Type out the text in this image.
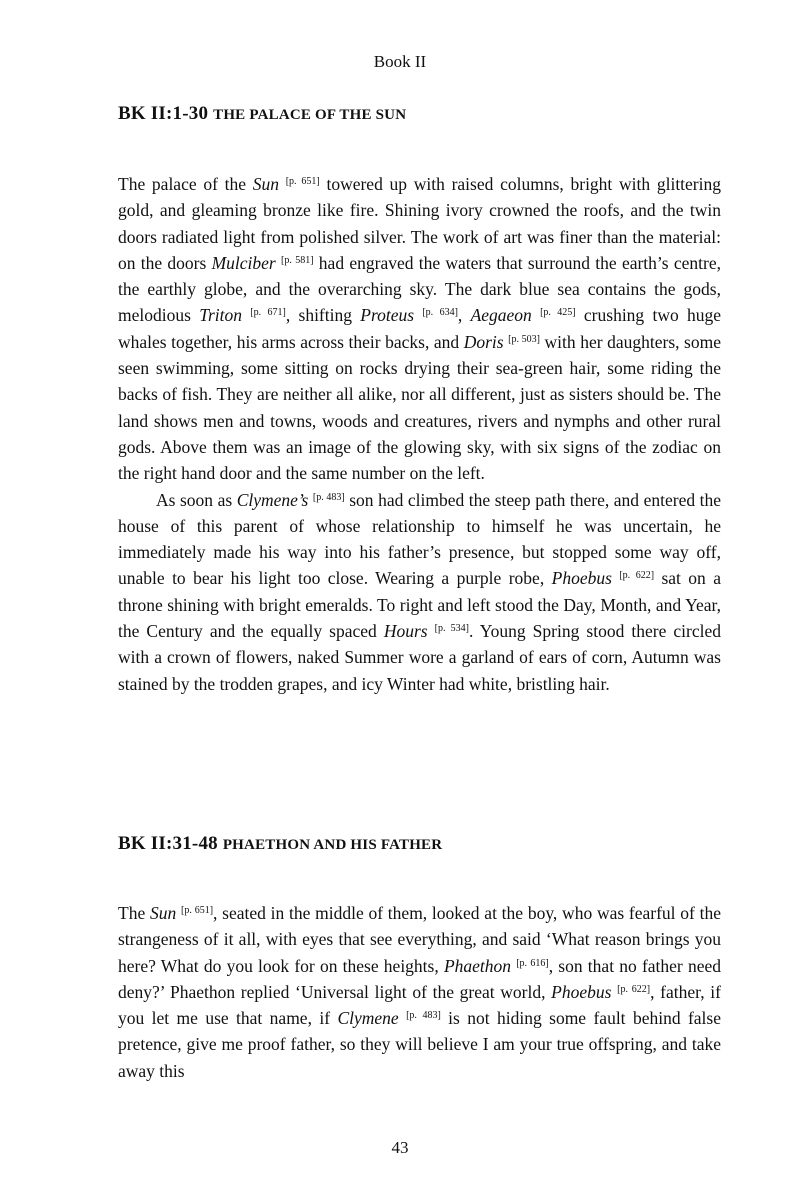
Book II
BK II:1-30 THE PALACE OF THE SUN

The palace of the Sun [p. 651] towered up with raised columns, bright with glittering gold, and gleaming bronze like fire. Shining ivory crowned the roofs, and the twin doors radiated light from polished silver. The work of art was finer than the material: on the doors Mulciber [p. 581] had engraved the waters that surround the earth’s centre, the earthly globe, and the overarching sky. The dark blue sea contains the gods, melodious Triton [p. 671], shifting Proteus [p. 634], Aegaeon [p. 425] crushing two huge whales together, his arms across their backs, and Doris [p. 503] with her daughters, some seen swimming, some sitting on rocks drying their sea-green hair, some riding the backs of fish. They are neither all alike, nor all different, just as sisters should be. The land shows men and towns, woods and creatures, rivers and nymphs and other rural gods. Above them was an image of the glowing sky, with six signs of the zodiac on the right hand door and the same number on the left.

As soon as Clymene’s [p. 483] son had climbed the steep path there, and entered the house of this parent of whose relationship to himself he was uncertain, he immediately made his way into his father’s presence, but stopped some way off, unable to bear his light too close. Wearing a purple robe, Phoebus [p. 622] sat on a throne shining with bright emeralds. To right and left stood the Day, Month, and Year, the Century and the equally spaced Hours [p. 534]. Young Spring stood there circled with a crown of flowers, naked Summer wore a garland of ears of corn, Autumn was stained by the trodden grapes, and icy Winter had white, bristling hair.

BK II:31-48 PHAETHON AND HIS FATHER

The Sun [p. 651], seated in the middle of them, looked at the boy, who was fearful of the strangeness of it all, with eyes that see everything, and said ‘What reason brings you here? What do you look for on these heights, Phaethon [p. 616], son that no father need deny?’ Phaethon replied ‘Universal light of the great world, Phoebus [p. 622], father, if you let me use that name, if Clymene [p. 483] is not hiding some fault behind false pretence, give me proof father, so they will believe I am your true offspring, and take away this

43
